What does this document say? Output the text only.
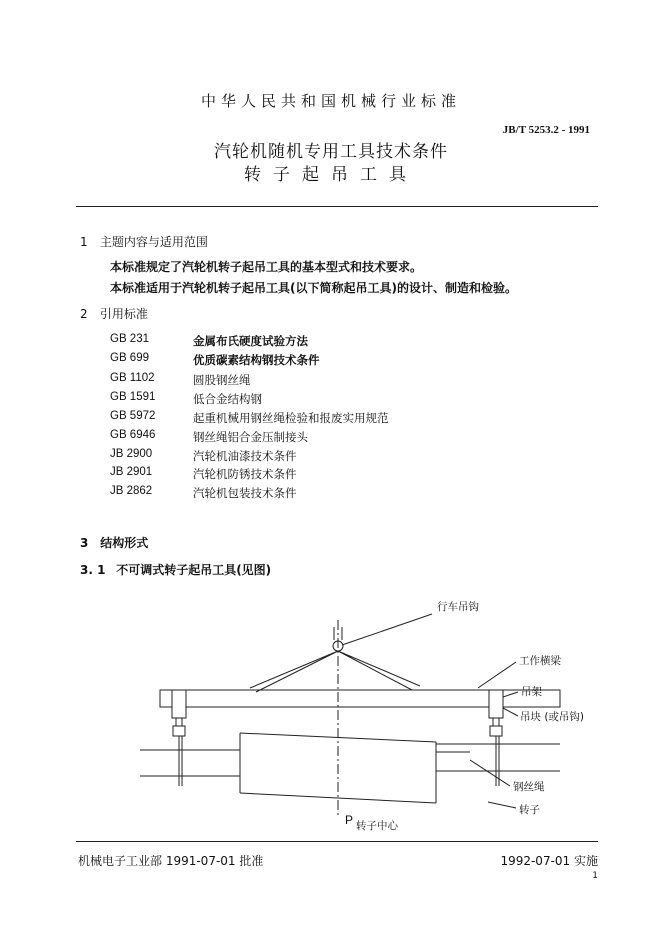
中华人民共和国机械行业标准
JB/T 5253.2 - 1991
汽轮机随机专用工具技术条件
转子起吊工具
1 主题内容与适用范围
本标准规定了汽轮机转子起吊工具的基本型式和技术要求。
本标准适用于汽轮机转子起吊工具(以下简称起吊工具)的设计、制造和检验。
2 引用标准
GB 231	金属布氏硬度试验方法
GB 699	优质碳素结构钢技术条件
GB 1102	圆股钢丝绳
GB 1591	低合金结构钢
GB 5972	起重机械用钢丝绳检验和报废实用规范
GB 6946	钢丝绳铝合金压制接头
JB 2900	汽轮机油漆技术条件
JB 2901	汽轮机防锈技术条件
JB 2862	汽轮机包装技术条件
3 结构形式
3. 1 不可调式转子起吊工具(见图)
行车吊钩
工作横梁
吊架
吊块 (或吊钩)
钢丝绳
转子
P 转子中心
机械电子工业部 1991-07-01 批准	1992-07-01 实施
1
